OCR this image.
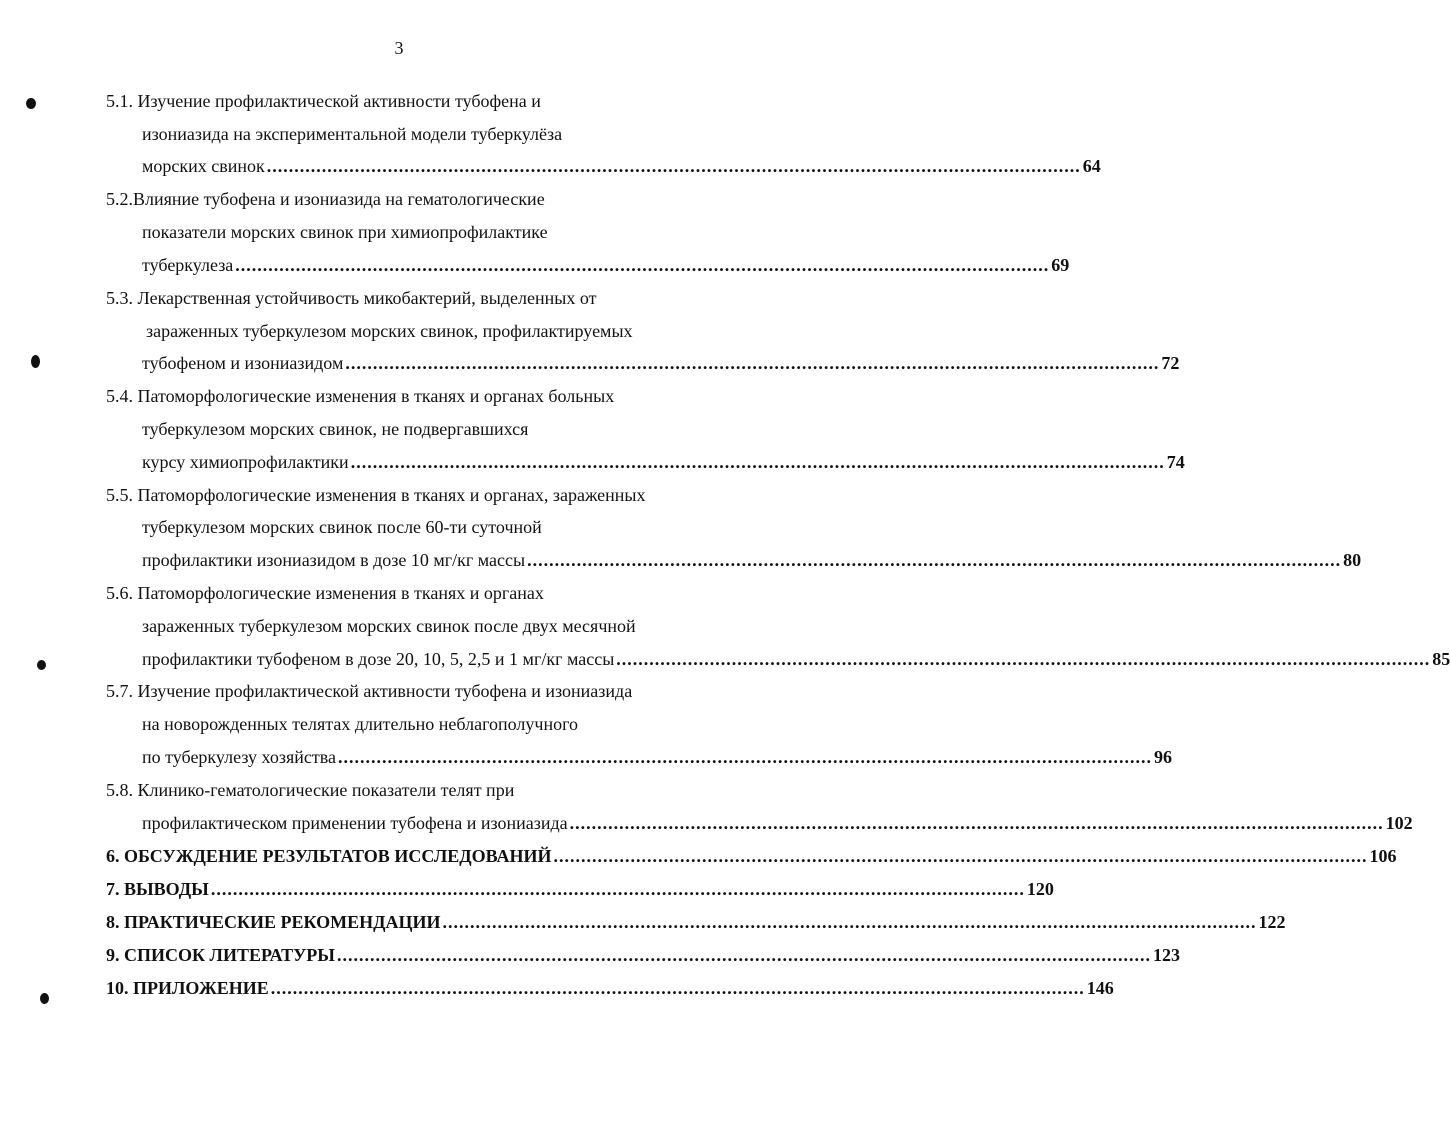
3
5.1. Изучение профилактической активности тубофена и
изониазида на экспериментальной модели туберкулёза
морских свинок .................................................................................................................................................... 64
5.2.Влияние тубофена и изониазида на гематологические
показатели морских свинок при химиопрофилактике
туберкулеза .................................................................................................................................................... 69
5.3. Лекарственная устойчивость микобактерий, выделенных от
зараженных туберкулезом морских свинок, профилактируемых
тубофеном и изониазидом .................................................................................................................................................... 72
5.4. Патоморфологические изменения в тканях и органах больных
туберкулезом морских свинок, не подвергавшихся
курсу химиопрофилактики .................................................................................................................................................... 74
5.5. Патоморфологические изменения в тканях и органах, зараженных
туберкулезом морских свинок после 60-ти суточной
профилактики изониазидом в дозе 10 мг/кг массы .................................................................................................................................................... 80
5.6. Патоморфологические изменения в тканях и органах
зараженных туберкулезом морских свинок после двух месячной
профилактики тубофеном в дозе 20, 10, 5, 2,5 и 1 мг/кг массы .................................................................................................................................................... 85
5.7. Изучение профилактической активности тубофена и изониазида
на новорожденных телятах длительно неблагополучного
по туберкулезу хозяйства .................................................................................................................................................... 96
5.8. Клинико-гематологические показатели телят при
профилактическом применении тубофена и изониазида .................................................................................................................................................... 102
6. ОБСУЖДЕНИЕ РЕЗУЛЬТАТОВ ИССЛЕДОВАНИЙ .................................................................................................................................................... 106
7. ВЫВОДЫ .................................................................................................................................................... 120
8. ПРАКТИЧЕСКИЕ РЕКОМЕНДАЦИИ .................................................................................................................................................... 122
9. СПИСОК ЛИТЕРАТУРЫ .................................................................................................................................................... 123
10. ПРИЛОЖЕНИЕ .................................................................................................................................................... 146
